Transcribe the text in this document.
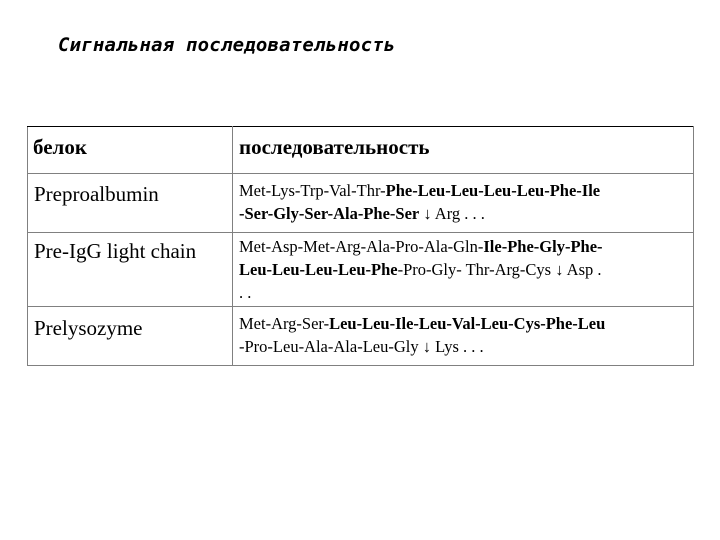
Сигнальная последовательность
белок	последовательность

Preproalbumin	Met-Lys-Trp-Val-Thr-Phe-Leu-Leu-Leu-Leu-Phe-Ile
-Ser-Gly-Ser-Ala-Phe-Ser ↓ Arg . . .

Pre-IgG light chain	Met-Asp-Met-Arg-Ala-Pro-Ala-Gln-Ile-Phe-Gly-Phe-
Leu-Leu-Leu-Leu-Phe-Pro-Gly- Thr-Arg-Cys ↓ Asp .
. .

Prelysozyme	Met-Arg-Ser-Leu-Leu-Ile-Leu-Val-Leu-Cys-Phe-Leu
-Pro-Leu-Ala-Ala-Leu-Gly ↓ Lys . . .
